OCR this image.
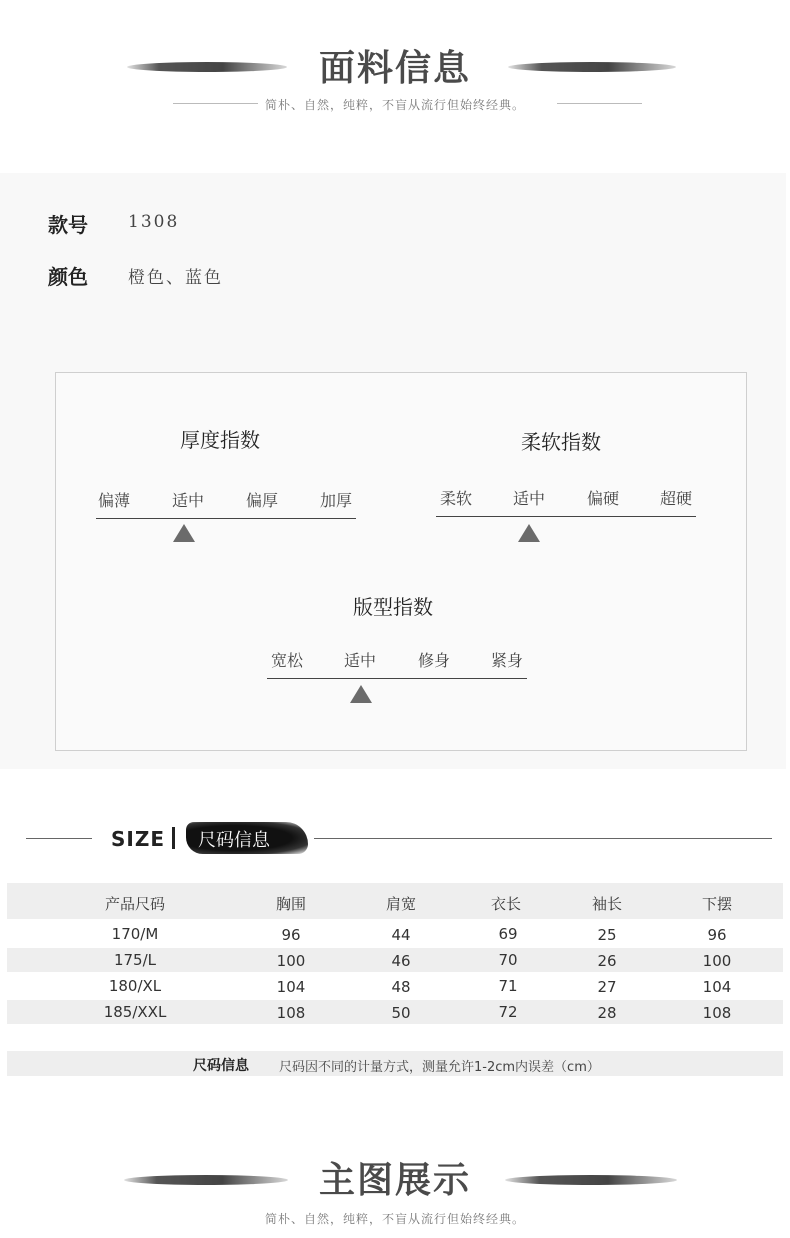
面料信息
简朴、自然，纯粹，不盲从流行但始终经典。
款号 1308
颜色 橙色、蓝色
厚度指数
偏薄	适中	偏厚	加厚
柔软指数
柔软	适中	偏硬	超硬
版型指数
宽松	适中	修身	紧身
SIZE 尺码信息
产品尺码	胸围	肩宽	衣长	袖长	下摆
170/M	96	44	69	25	96
175/L	100	46	70	26	100
180/XL	104	48	71	27	104
185/XXL	108	50	72	28	108
尺码信息 尺码因不同的计量方式，测量允许1-2cm内误差（cm）
主图展示
简朴、自然，纯粹，不盲从流行但始终经典。
